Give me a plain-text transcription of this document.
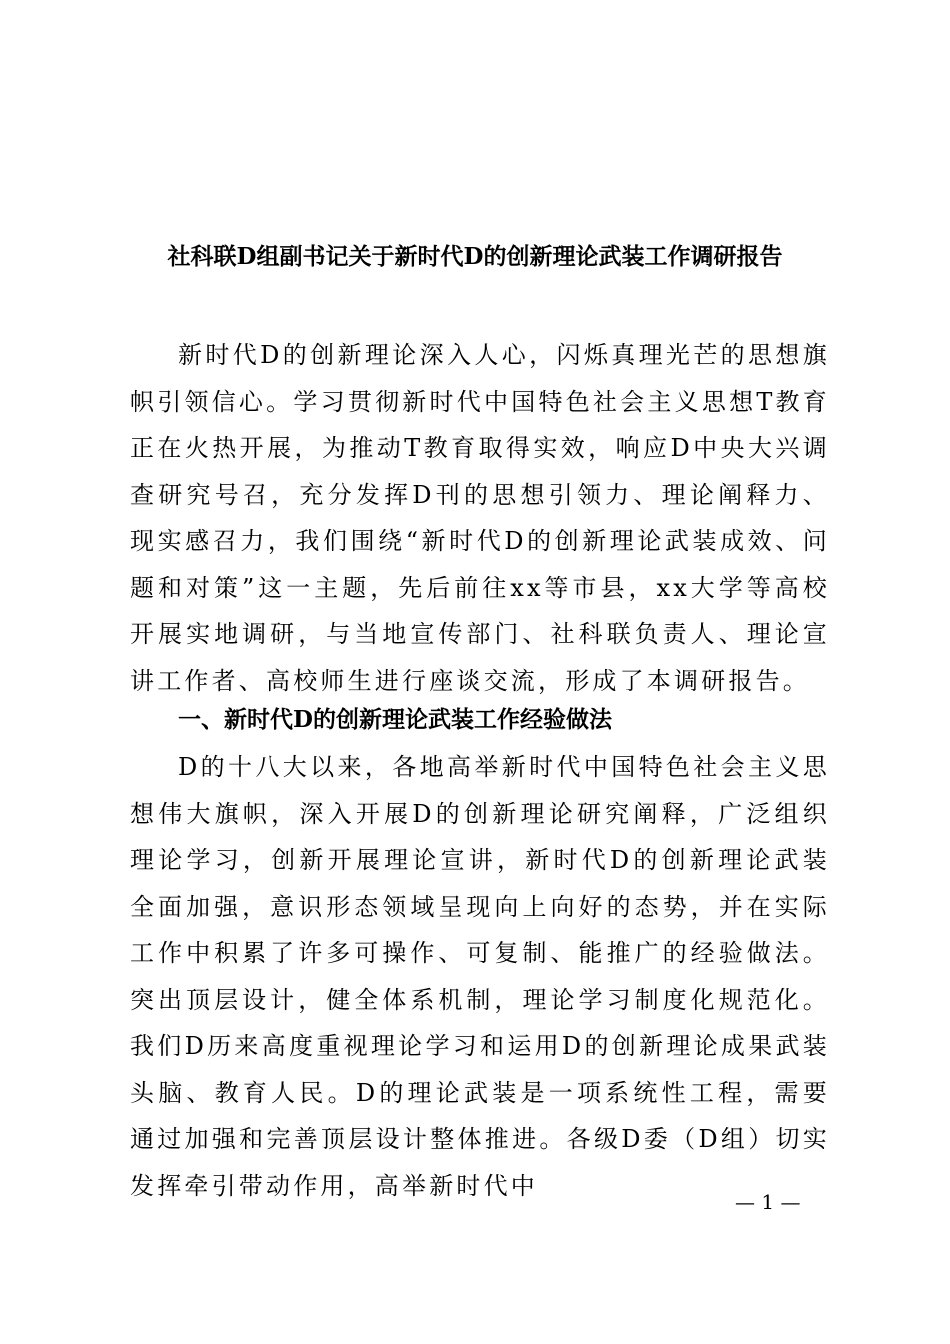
社科联D组副书记关于新时代D的创新理论武装工作调研报告

新时代D的创新理论深入人心，闪烁真理光芒的思想旗帜引领信心。学习贯彻新时代中国特色社会主义思想T教育正在火热开展，为推动T教育取得实效，响应D中央大兴调查研究号召，充分发挥D刊的思想引领力、理论阐释力、现实感召力，我们围绕“新时代D的创新理论武装成效、问题和对策”这一主题，先后前往xx等市县，xx大学等高校开展实地调研，与当地宣传部门、社科联负责人、理论宣讲工作者、高校师生进行座谈交流，形成了本调研报告。

一、新时代D的创新理论武装工作经验做法

D的十八大以来，各地高举新时代中国特色社会主义思想伟大旗帜，深入开展D的创新理论研究阐释，广泛组织理论学习，创新开展理论宣讲，新时代D的创新理论武装全面加强，意识形态领域呈现向上向好的态势，并在实际工作中积累了许多可操作、可复制、能推广的经验做法。突出顶层设计，健全体系机制，理论学习制度化规范化。我们D历来高度重视理论学习和运用D的创新理论成果武装头脑、教育人民。D的理论武装是一项系统性工程，需要通过加强和完善顶层设计整体推进。各级D委（D组）切实发挥牵引带动作用，高举新时代中

— 1 —
